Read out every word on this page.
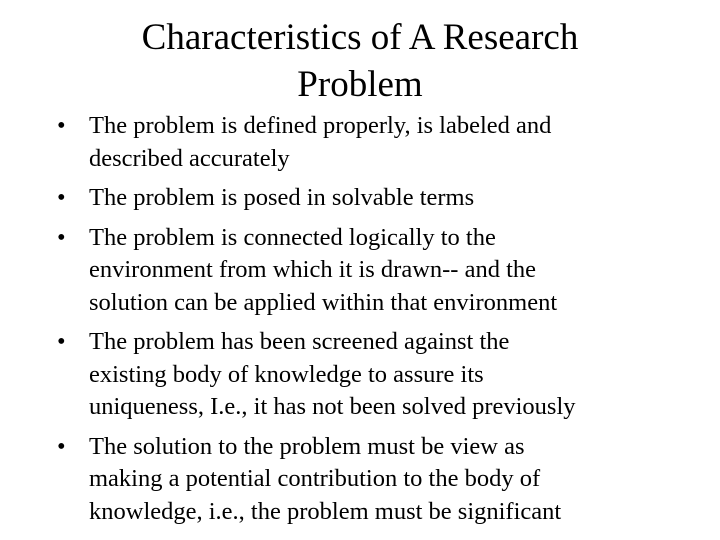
Characteristics of A Research
Problem
• The problem is defined properly, is labeled and
described accurately
• The problem is posed in solvable terms
• The problem is connected logically to the
environment from which it is drawn-- and the
solution can be applied within that environment
• The problem has been screened against the
existing body of knowledge to assure its
uniqueness, I.e., it has not been solved previously
• The solution to the problem must be view as
making a potential contribution to the body of
knowledge, i.e., the problem must be significant
